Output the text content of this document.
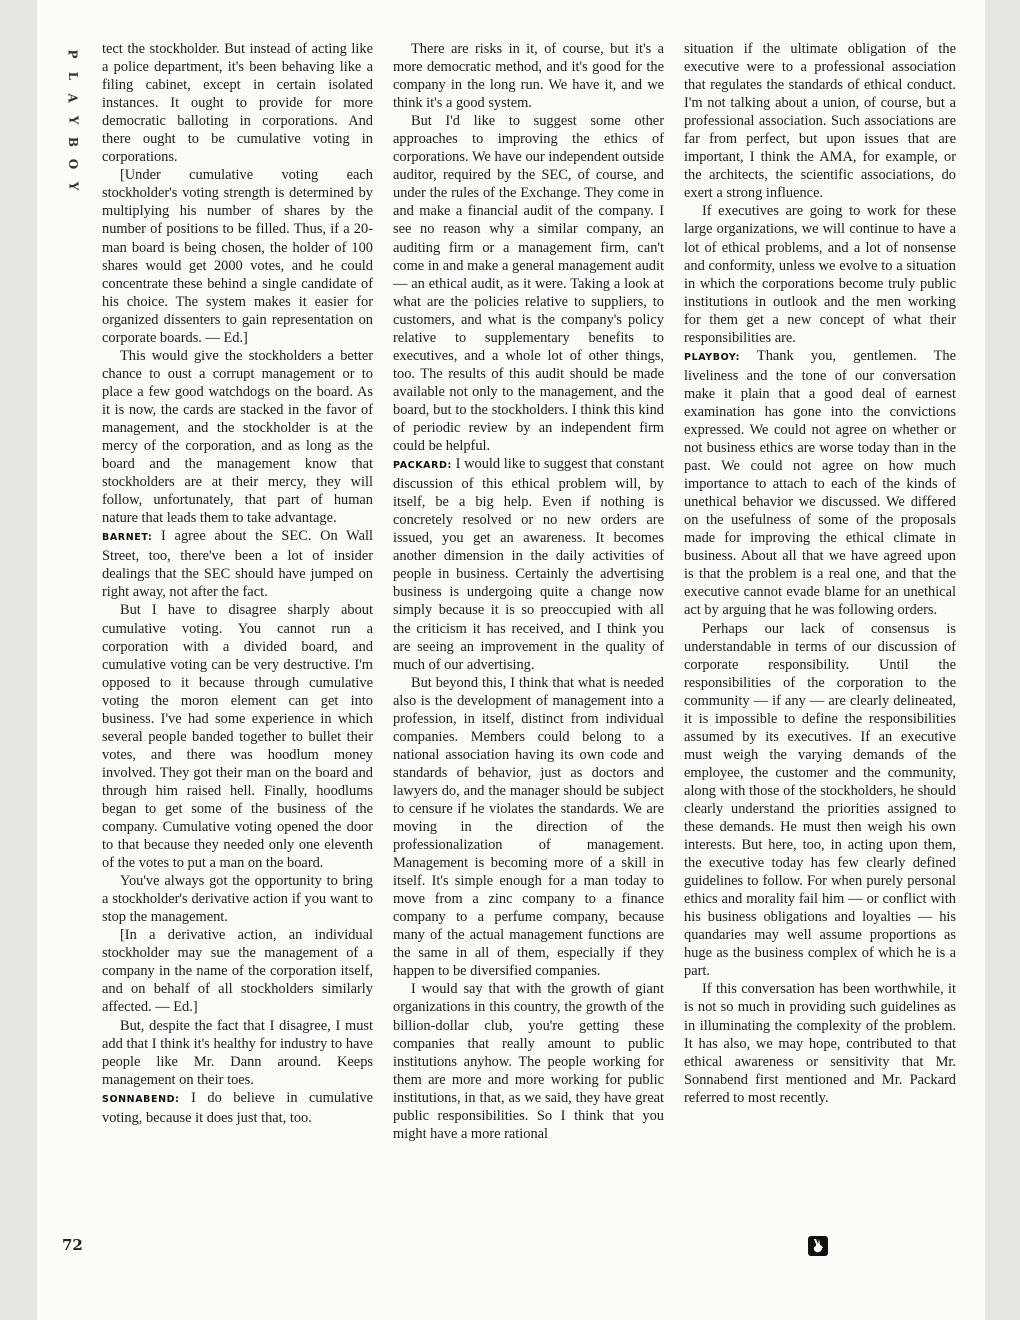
P
L
A
Y
B
O
Y

tect the stockholder. But instead of acting like a police department, it's been behaving like a filing cabinet, except in certain isolated instances. It ought to provide for more democratic balloting in corporations. And there ought to be cumulative voting in corporations.

[Under cumulative voting each stockholder's voting strength is determined by multiplying his number of shares by the number of positions to be filled. Thus, if a 20-man board is being chosen, the holder of 100 shares would get 2000 votes, and he could concentrate these behind a single candidate of his choice. The system makes it easier for organized dissenters to gain representation on corporate boards. — Ed.]

This would give the stockholders a better chance to oust a corrupt management or to place a few good watchdogs on the board. As it is now, the cards are stacked in the favor of management, and the stockholder is at the mercy of the corporation, and as long as the board and the management know that stockholders are at their mercy, they will follow, unfortunately, that part of human nature that leads them to take advantage.

BARNET: I agree about the SEC. On Wall Street, too, there've been a lot of insider dealings that the SEC should have jumped on right away, not after the fact.

But I have to disagree sharply about cumulative voting. You cannot run a corporation with a divided board, and cumulative voting can be very destructive. I'm opposed to it because through cumulative voting the moron element can get into business. I've had some experience in which several people banded together to bullet their votes, and there was hoodlum money involved. They got their man on the board and through him raised hell. Finally, hoodlums began to get some of the business of the company. Cumulative voting opened the door to that because they needed only one eleventh of the votes to put a man on the board.

You've always got the opportunity to bring a stockholder's derivative action if you want to stop the management.

[In a derivative action, an individual stockholder may sue the management of a company in the name of the corporation itself, and on behalf of all stockholders similarly affected. — Ed.]

But, despite the fact that I disagree, I must add that I think it's healthy for industry to have people like Mr. Dann around. Keeps management on their toes.

SONNABEND: I do believe in cumulative voting, because it does just that, too.

There are risks in it, of course, but it's a more democratic method, and it's good for the company in the long run. We have it, and we think it's a good system.

But I'd like to suggest some other approaches to improving the ethics of corporations. We have our independent outside auditor, required by the SEC, of course, and under the rules of the Exchange. They come in and make a financial audit of the company. I see no reason why a similar company, an auditing firm or a management firm, can't come in and make a general management audit — an ethical audit, as it were. Taking a look at what are the policies relative to suppliers, to customers, and what is the company's policy relative to supplementary benefits to executives, and a whole lot of other things, too. The results of this audit should be made available not only to the management, and the board, but to the stockholders. I think this kind of periodic review by an independent firm could be helpful.

PACKARD: I would like to suggest that constant discussion of this ethical problem will, by itself, be a big help. Even if nothing is concretely resolved or no new orders are issued, you get an awareness. It becomes another dimension in the daily activities of people in business. Certainly the advertising business is undergoing quite a change now simply because it is so preoccupied with all the criticism it has received, and I think you are seeing an improvement in the quality of much of our advertising.

But beyond this, I think that what is needed also is the development of management into a profession, in itself, distinct from individual companies. Members could belong to a national association having its own code and standards of behavior, just as doctors and lawyers do, and the manager should be subject to censure if he violates the standards. We are moving in the direction of the professionalization of management. Management is becoming more of a skill in itself. It's simple enough for a man today to move from a zinc company to a finance company to a perfume company, because many of the actual management functions are the same in all of them, especially if they happen to be diversified companies.

I would say that with the growth of giant organizations in this country, the growth of the billion-dollar club, you're getting these companies that really amount to public institutions anyhow. The people working for them are more and more working for public institutions, in that, as we said, they have great public responsibilities. So I think that you might have a more rational

situation if the ultimate obligation of the executive were to a professional association that regulates the standards of ethical conduct. I'm not talking about a union, of course, but a professional association. Such associations are far from perfect, but upon issues that are important, I think the AMA, for example, or the architects, the scientific associations, do exert a strong influence.

If executives are going to work for these large organizations, we will continue to have a lot of ethical problems, and a lot of nonsense and conformity, unless we evolve to a situation in which the corporations become truly public institutions in outlook and the men working for them get a new concept of what their responsibilities are.

PLAYBOY: Thank you, gentlemen. The liveliness and the tone of our conversation make it plain that a good deal of earnest examination has gone into the convictions expressed. We could not agree on whether or not business ethics are worse today than in the past. We could not agree on how much importance to attach to each of the kinds of unethical behavior we discussed. We differed on the usefulness of some of the proposals made for improving the ethical climate in business. About all that we have agreed upon is that the problem is a real one, and that the executive cannot evade blame for an unethical act by arguing that he was following orders.

Perhaps our lack of consensus is understandable in terms of our discussion of corporate responsibility. Until the responsibilities of the corporation to the community — if any — are clearly delineated, it is impossible to define the responsibilities assumed by its executives. If an executive must weigh the varying demands of the employee, the customer and the community, along with those of the stockholders, he should clearly understand the priorities assigned to these demands. He must then weigh his own interests. But here, too, in acting upon them, the executive today has few clearly defined guidelines to follow. For when purely personal ethics and morality fail him — or conflict with his business obligations and loyalties — his quandaries may well assume proportions as huge as the business complex of which he is a part.

If this conversation has been worthwhile, it is not so much in providing such guidelines as in illuminating the complexity of the problem. It has also, we may hope, contributed to that ethical awareness or sensitivity that Mr. Sonnabend first mentioned and Mr. Packard referred to most recently.

72
